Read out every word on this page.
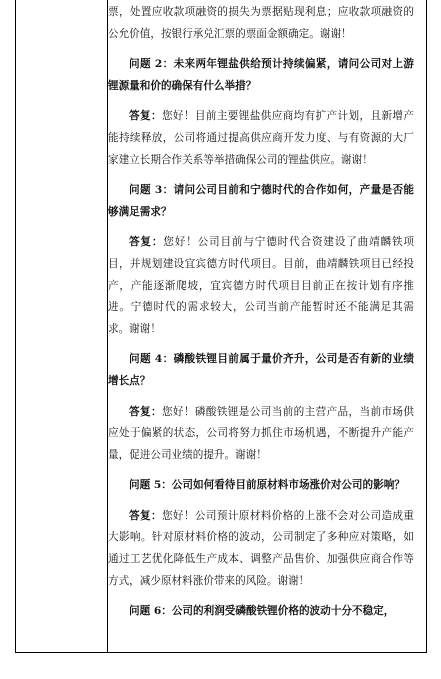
票，处置应收款项融资的损失为票据贴现利息；应收款项融资的公允价值，按银行承兑汇票的票面金额确定。谢谢！

问题 2：未来两年锂盐供给预计持续偏紧，请问公司对上游锂源量和价的确保有什么举措？

答复：您好！目前主要锂盐供应商均有扩产计划，且新增产能持续释放，公司将通过提高供应商开发力度、与有资源的大厂家建立长期合作关系等举措确保公司的锂盐供应。谢谢！

问题 3：请问公司目前和宁德时代的合作如何，产量是否能够满足需求？

答复：您好！公司目前与宁德时代合资建设了曲靖麟铁项目，并规划建设宜宾德方时代项目。目前，曲靖麟铁项目已经投产，产能逐渐爬坡，宜宾德方时代项目目前正在按计划有序推进。宁德时代的需求较大，公司当前产能暂时还不能满足其需求。谢谢！

问题 4：磷酸铁锂目前属于量价齐升，公司是否有新的业绩增长点？

答复：您好！磷酸铁锂是公司当前的主营产品，当前市场供应处于偏紧的状态，公司将努力抓住市场机遇，不断提升产能产量，促进公司业绩的提升。谢谢！

问题 5：公司如何看待目前原材料市场涨价对公司的影响？

答复：您好！公司预计原材料价格的上涨不会对公司造成重大影响。针对原材料价格的波动，公司制定了多种应对策略，如通过工艺优化降低生产成本、调整产品售价、加强供应商合作等方式，减少原材料涨价带来的风险。谢谢！

问题 6：公司的利润受磷酸铁锂价格的波动十分不稳定，
